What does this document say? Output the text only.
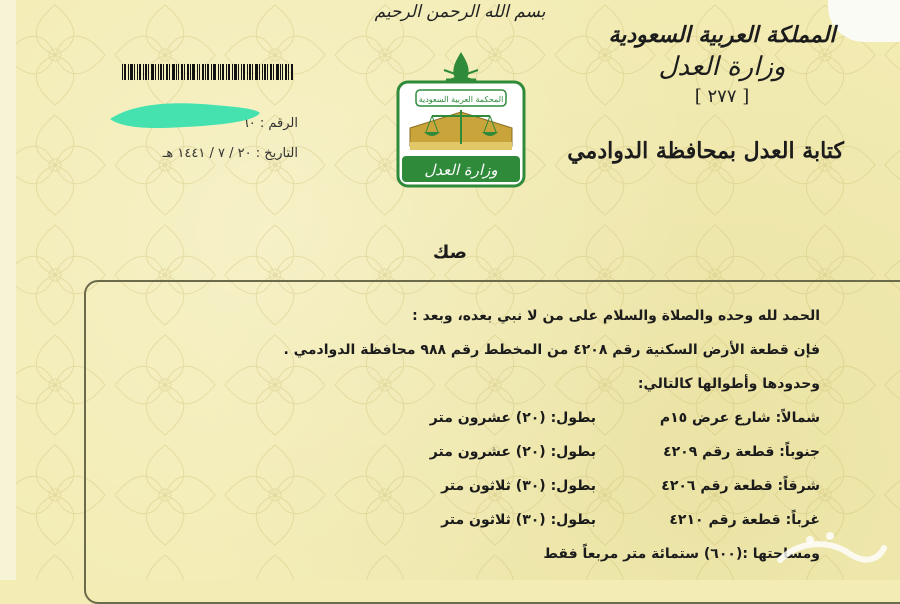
بسم الله الرحمن الرحيم
المملكة العربية السعودية
وزارة العدل
[ ٢٧٧ ]
كتابة العدل بمحافظة الدوادمي
الرقم : ٦٠
التاريخ : ٢٠ / ٧ / ١٤٤١ هـ
المحكمة العربية السعودية
وزارة العدل
صك
الحمد لله وحده والصلاة والسلام على من لا نبي بعده، وبعد :
فإن قطعة الأرض السكنية رقم ٤٢٠٨ من المخطط رقم ٩٨٨ محافظة الدوادمي .
وحدودها وأطوالها كالتالي:
شمالاً: شارع عرض ١٥م
بطول: (٢٠) عشرون متر
جنوباً: قطعة رقم ٤٢٠٩
بطول: (٢٠) عشرون متر
شرقاً: قطعة رقم ٤٢٠٦
بطول: (٣٠) ثلاثون متر
غرباً: قطعة رقم ٤٢١٠
بطول: (٣٠) ثلاثون متر
ومساحتها :(٦٠٠) ستمائة متر مربعاً فقط
